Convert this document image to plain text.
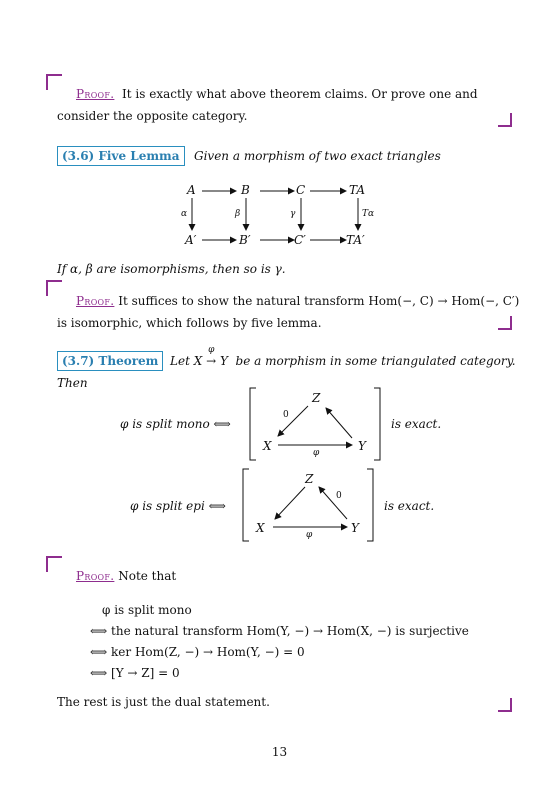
Proof. It is exactly what above theorem claims. Or prove one and
consider the opposite category.
(3.6) Five Lemma	Given a morphism of two exact triangles
A	B	C	TA
A′	B′	C′	TA′
α	β	γ	Tα
If α, β are isomorphisms, then so is γ.
Proof. It suffices to show the natural transform Hom(−, C) → Hom(−, C′)
is isomorphic, which follows by five lemma.
(3.7) Theorem Let X →
φ
Y  be a morphism in some triangulated category.
Then
φ is split mono ⟺
Z
X	Y
0
φ
is exact.
φ is split epi ⟺
Z
X	Y
0
φ
is exact.
Proof. Note that
φ is split mono
⟺ the natural transform Hom(Y, −) → Hom(X, −) is surjective
⟺ ker Hom(Z, −) → Hom(Y, −) = 0
⟺ [Y → Z] = 0
The rest is just the dual statement.
13
